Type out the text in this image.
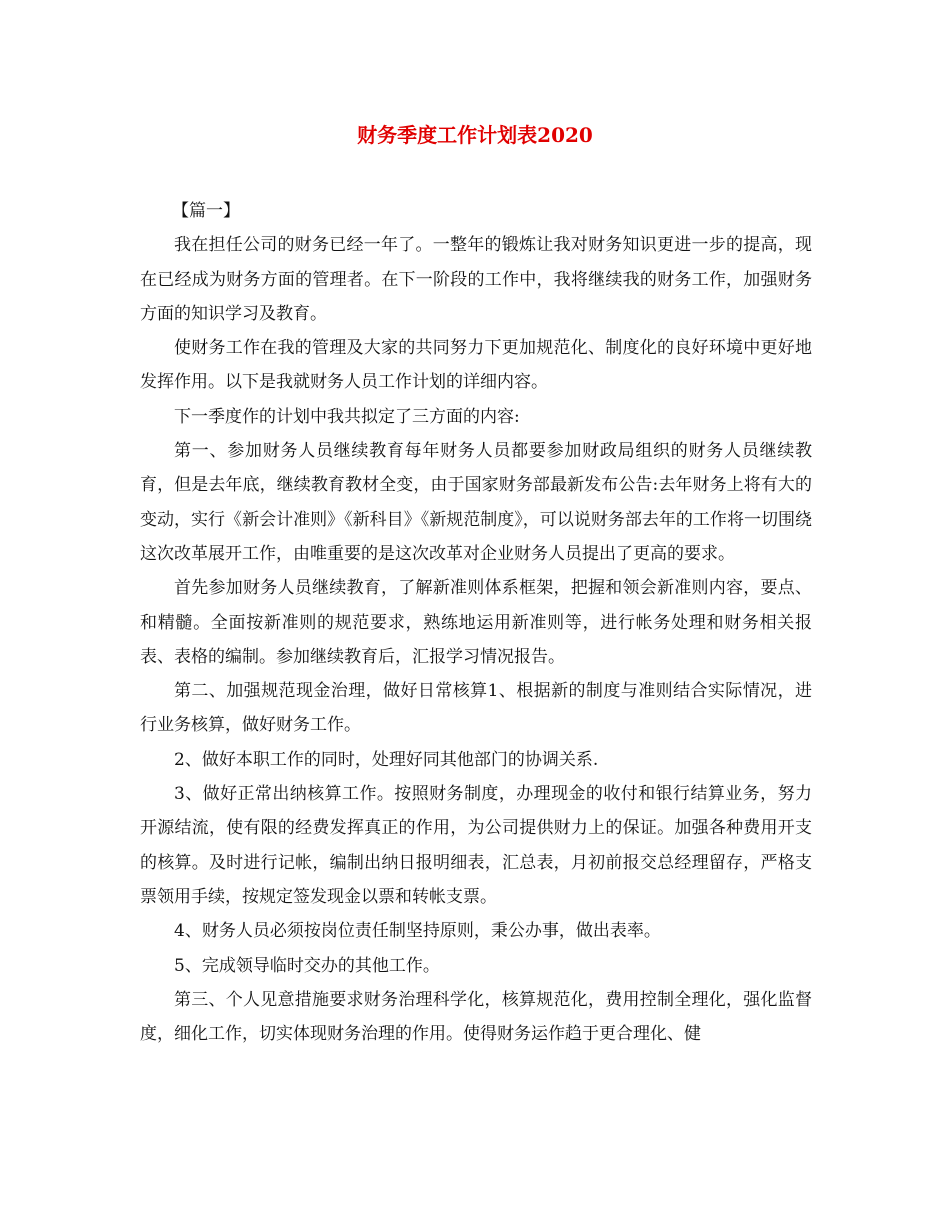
财务季度工作计划表2020

【篇一】

我在担任公司的财务已经一年了。一整年的锻炼让我对财务知识更进一步的提高，现在已经成为财务方面的管理者。在下一阶段的工作中，我将继续我的财务工作，加强财务方面的知识学习及教育。

使财务工作在我的管理及大家的共同努力下更加规范化、制度化的良好环境中更好地发挥作用。以下是我就财务人员工作计划的详细内容。

下一季度作的计划中我共拟定了三方面的内容:

第一、参加财务人员继续教育每年财务人员都要参加财政局组织的财务人员继续教育，但是去年底，继续教育教材全变，由于国家财务部最新发布公告:去年财务上将有大的变动，实行《新会计准则》《新科目》《新规范制度》，可以说财务部去年的工作将一切围绕这次改革展开工作，由唯重要的是这次改革对企业财务人员提出了更高的要求。

首先参加财务人员继续教育，了解新准则体系框架，把握和领会新准则内容，要点、和精髓。全面按新准则的规范要求，熟练地运用新准则等，进行帐务处理和财务相关报表、表格的编制。参加继续教育后，汇报学习情况报告。

第二、加强规范现金治理，做好日常核算1、根据新的制度与准则结合实际情况，进行业务核算，做好财务工作。

2、做好本职工作的同时，处理好同其他部门的协调关系.

3、做好正常出纳核算工作。按照财务制度，办理现金的收付和银行结算业务，努力开源结流，使有限的经费发挥真正的作用，为公司提供财力上的保证。加强各种费用开支的核算。及时进行记帐，编制出纳日报明细表，汇总表，月初前报交总经理留存，严格支票领用手续，按规定签发现金以票和转帐支票。

4、财务人员必须按岗位责任制坚持原则，秉公办事，做出表率。

5、完成领导临时交办的其他工作。

第三、个人见意措施要求财务治理科学化，核算规范化，费用控制全理化，强化监督度，细化工作，切实体现财务治理的作用。使得财务运作趋于更合理化、健
